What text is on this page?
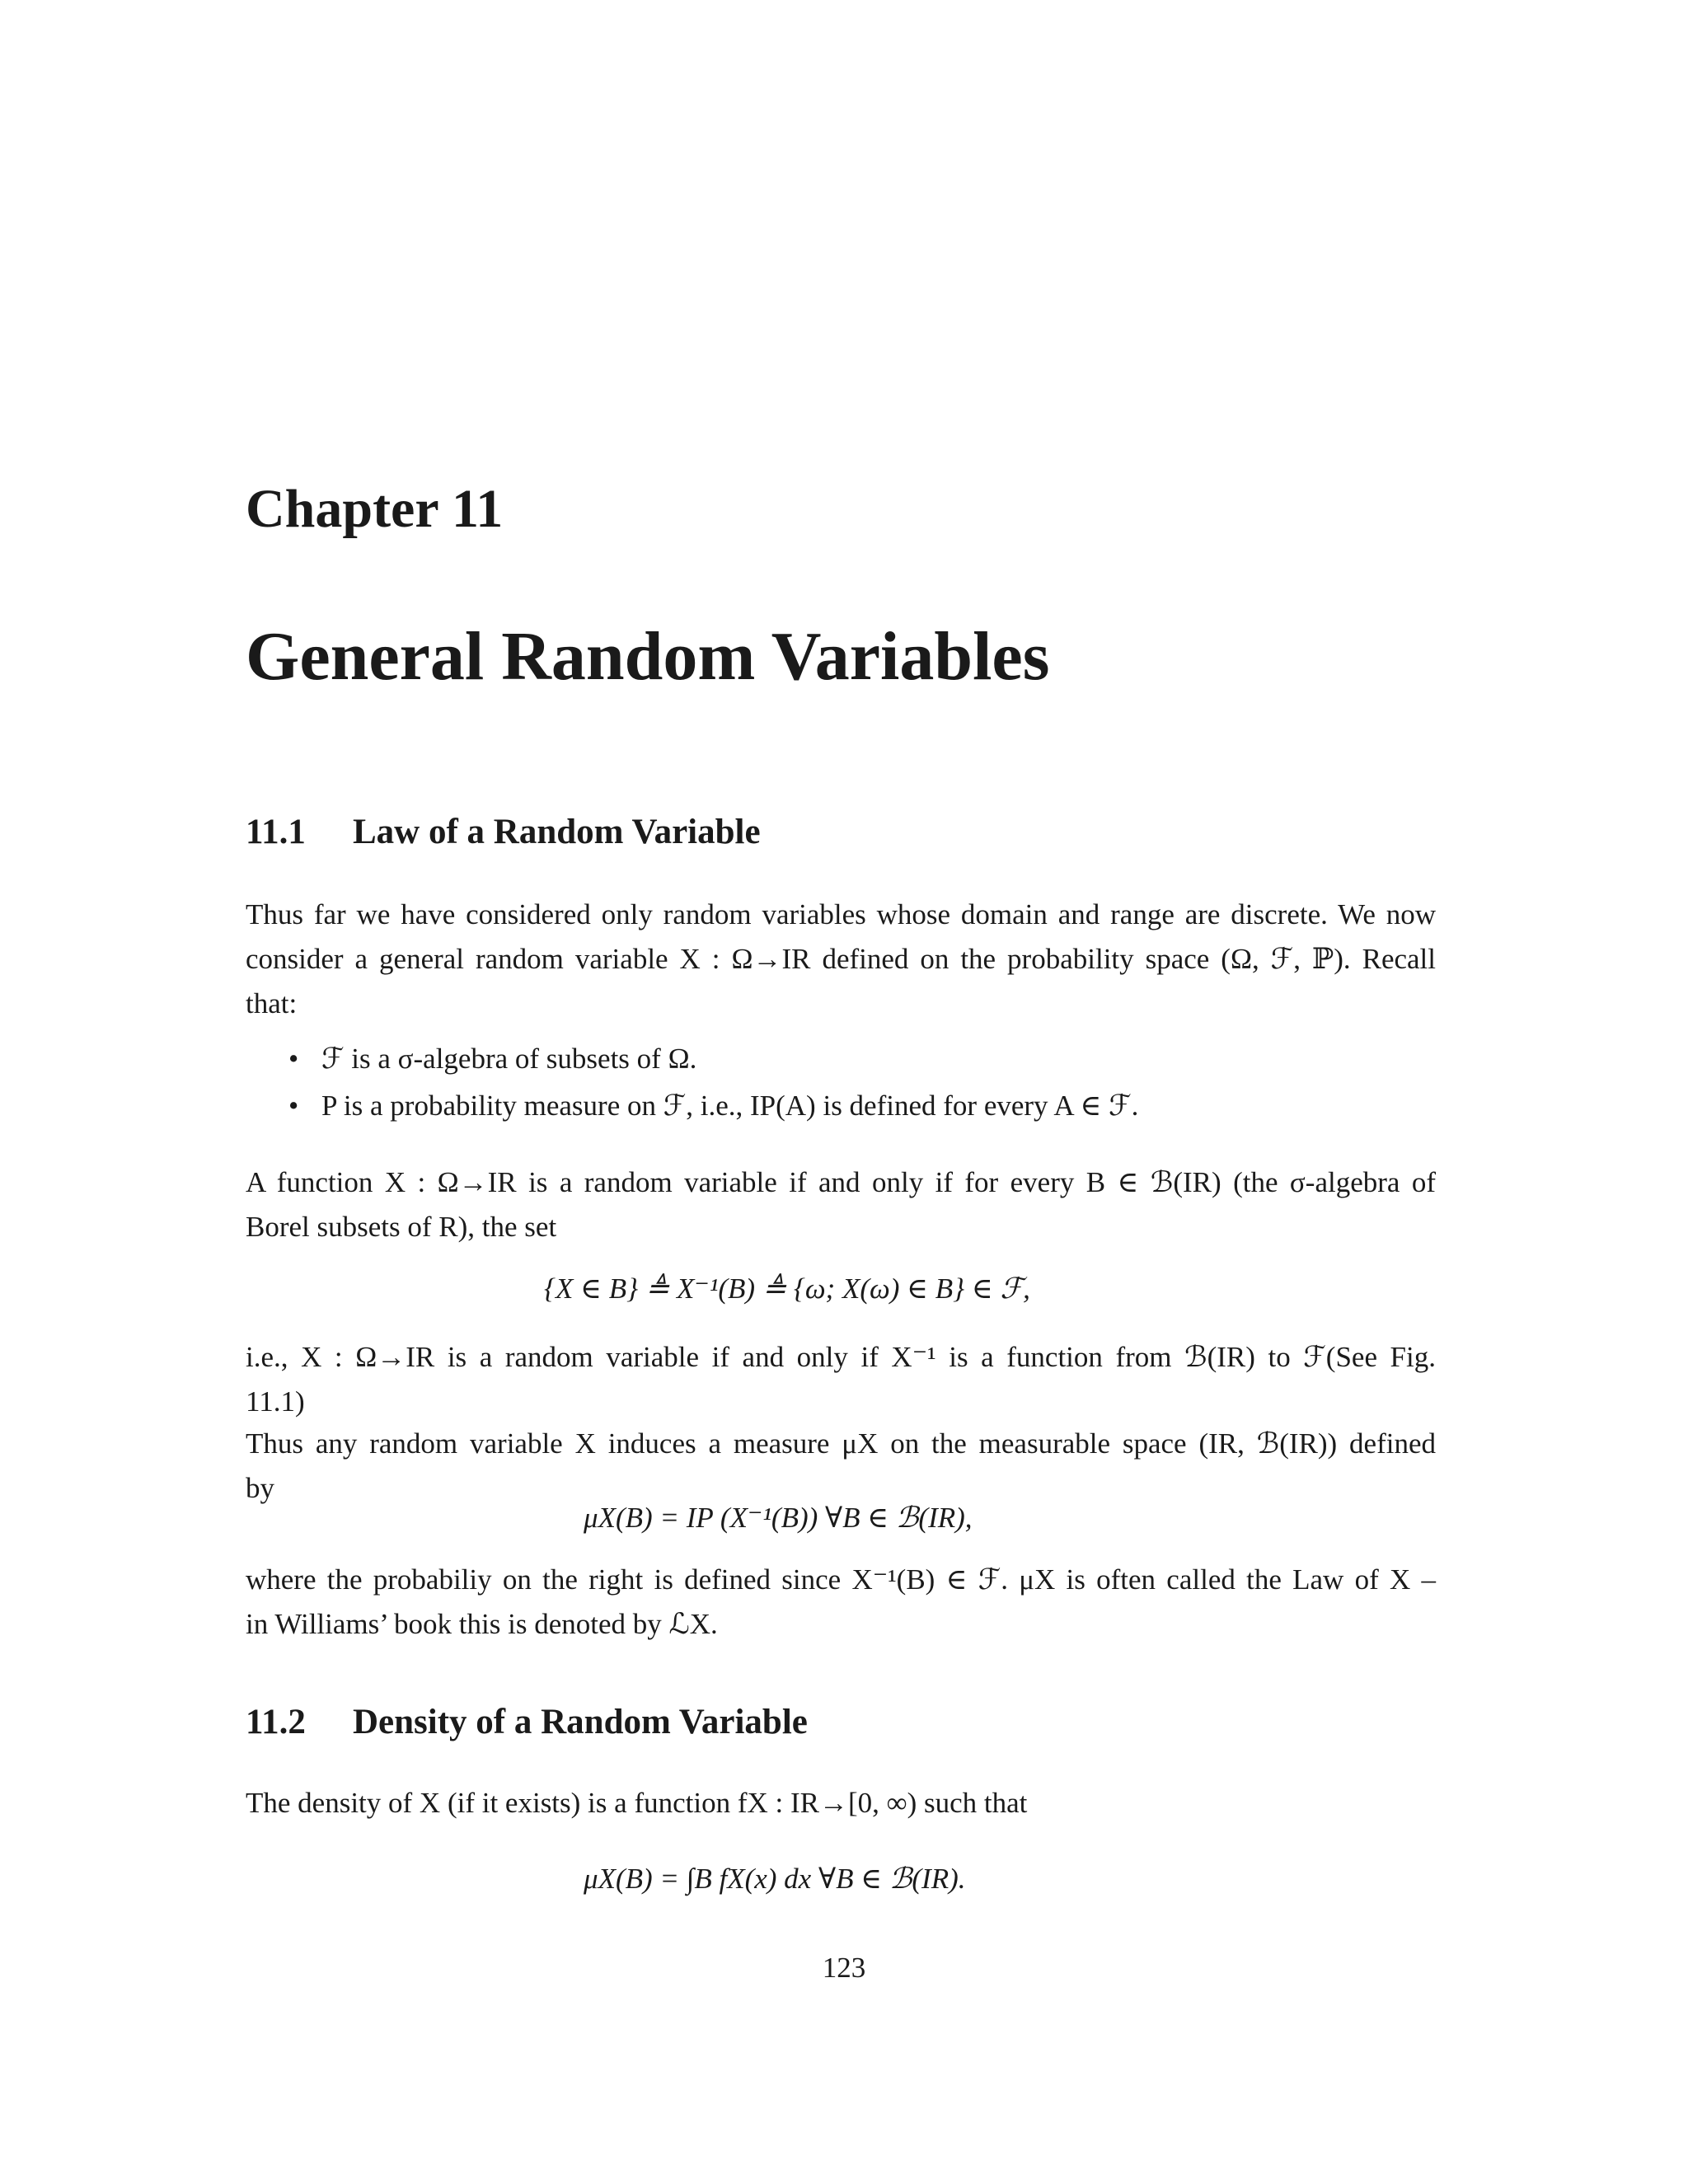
Chapter 11
General Random Variables
11.1 Law of a Random Variable
Thus far we have considered only random variables whose domain and range are discrete. We now
consider a general random variable X : Ω→IR defined on the probability space (Ω, ℱ, ℙ). Recall
that:
• ℱ is a σ-algebra of subsets of Ω.
• P is a probability measure on ℱ, i.e., IP(A) is defined for every A ∈ ℱ.
A function X : Ω→IR is a random variable if and only if for every B ∈ ℬ(IR) (the σ-algebra of
Borel subsets of R), the set
{X ∈ B} ≜ X⁻¹(B) ≜ {ω; X(ω) ∈ B} ∈ ℱ,
i.e., X : Ω→IR is a random variable if and only if X⁻¹ is a function from ℬ(IR) to ℱ(See Fig.
11.1)
Thus any random variable X induces a measure μX on the measurable space (IR, ℬ(IR)) defined
by
μX(B) = IP (X⁻¹(B)) ∀B ∈ ℬ(IR),
where the probabiliy on the right is defined since X⁻¹(B) ∈ ℱ. μX is often called the Law of X –
in Williams’ book this is denoted by ℒX.
11.2 Density of a Random Variable
The density of X (if it exists) is a function fX : IR→[0, ∞) such that
μX(B) = ∫B fX(x) dx ∀B ∈ ℬ(IR).
123
